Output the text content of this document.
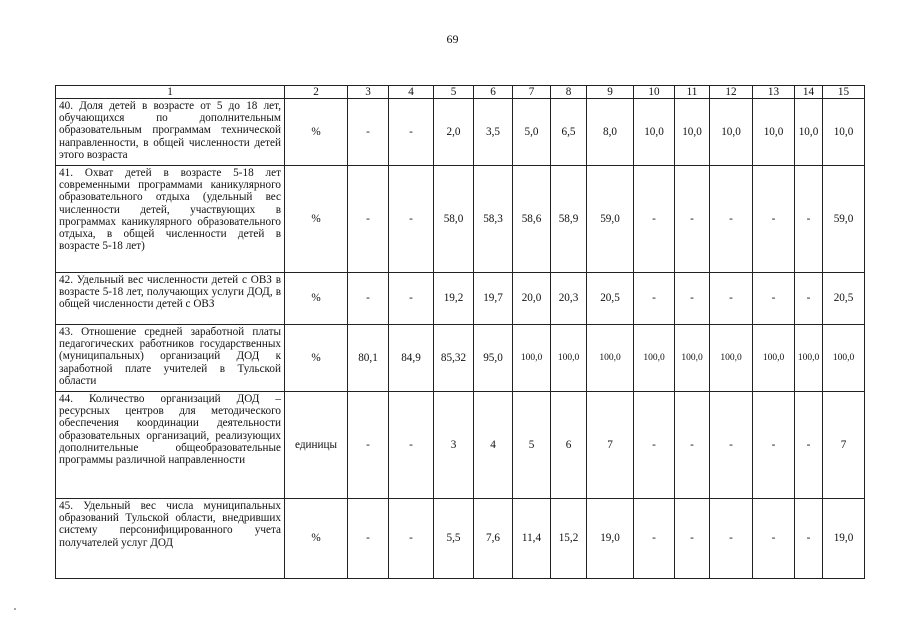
69
1	2	3	4	5	6	7	8	9	10	11	12	13	14	15
40. Доля детей в возрасте от 5 до 18 лет, обучающихся по дополнительным образовательным программам технической направленности, в общей численности детей этого возраста	%	-	-	2,0	3,5	5,0	6,5	8,0	10,0	10,0	10,0	10,0	10,0	10,0
41. Охват детей в возрасте 5-18 лет современными программами каникулярного образовательного отдыха (удельный вес численности детей, участвующих в программах каникулярного образовательного отдыха, в общей численности детей в возрасте 5-18 лет)	%	-	-	58,0	58,3	58,6	58,9	59,0	-	-	-	-	-	59,0
42. Удельный вес численности детей с ОВЗ в возрасте 5-18 лет, получающих услуги ДОД, в общей численности детей с ОВЗ	%	-	-	19,2	19,7	20,0	20,3	20,5	-	-	-	-	-	20,5
43. Отношение средней заработной платы педагогических работников государственных (муниципальных) организаций ДОД к заработной плате учителей в Тульской области	%	80,1	84,9	85,32	95,0	100,0	100,0	100,0	100,0	100,0	100,0	100,0	100,0	100,0
44. Количество организаций ДОД – ресурсных центров для методического обеспечения координации деятельности образовательных организаций, реализующих дополнительные общеобразовательные программы различной направленности	единицы	-	-	3	4	5	6	7	-	-	-	-	-	7
45. Удельный вес числа муниципальных образований Тульской области, внедривших систему персонифицированного учета получателей услуг ДОД	%	-	-	5,5	7,6	11,4	15,2	19,0	-	-	-	-	-	19,0
